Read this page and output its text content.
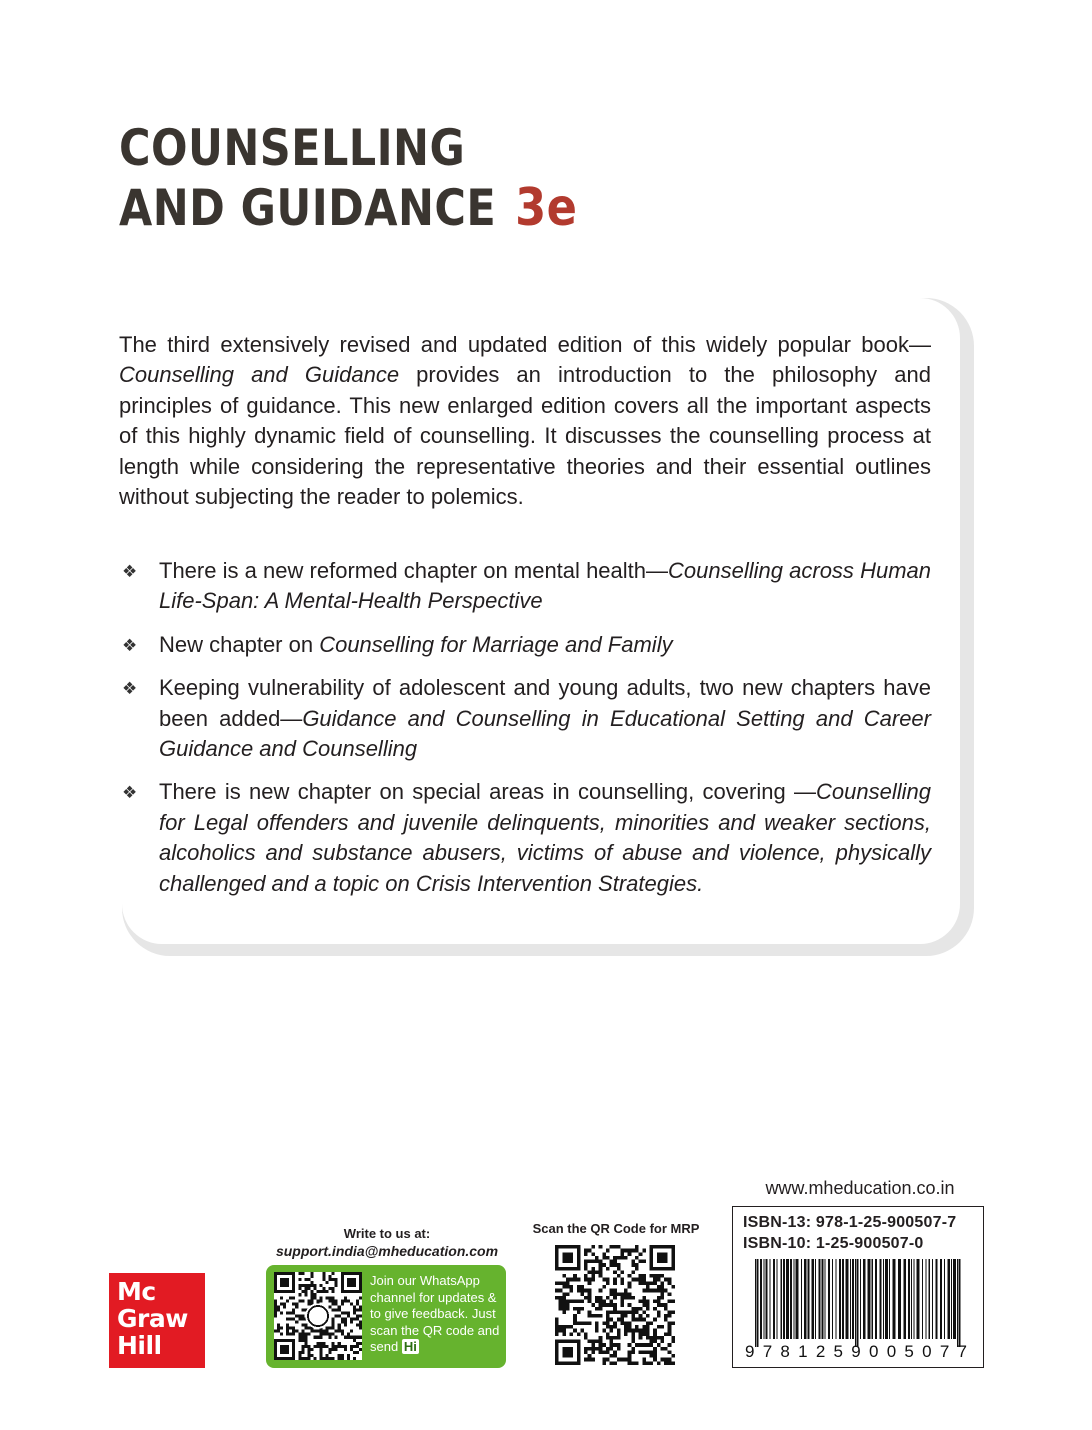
COUNSELLING
AND GUIDANCE 3e

The third extensively revised and updated edition of this widely popular book—Counselling and Guidance provides an introduction to the philosophy and principles of guidance. This new enlarged edition covers all the important aspects of this highly dynamic field of counselling. It discusses the counselling process at length while considering the representative theories and their essential outlines without subjecting the reader to polemics.

❖ There is a new reformed chapter on mental health—Counselling across Human Life-Span: A Mental-Health Perspective
❖ New chapter on Counselling for Marriage and Family
❖ Keeping vulnerability of adolescent and young adults, two new chapters have been added—Guidance and Counselling in Educational Setting and Career Guidance and Counselling
❖ There is new chapter on special areas in counselling, covering —Counselling for Legal offenders and juvenile delinquents, minorities and weaker sections, alcoholics and substance abusers, victims of abuse and violence, physically challenged and a topic on Crisis Intervention Strategies.
Mc
Graw
Hill
Write to us at:
support.india@mheducation.com
Join our WhatsApp channel for updates & to give feedback. Just scan the QR code and send Hi
Scan the QR Code for MRP
www.mheducation.co.in
ISBN-13: 978-1-25-900507-7
ISBN-10: 1-25-900507-0
9781259005077
